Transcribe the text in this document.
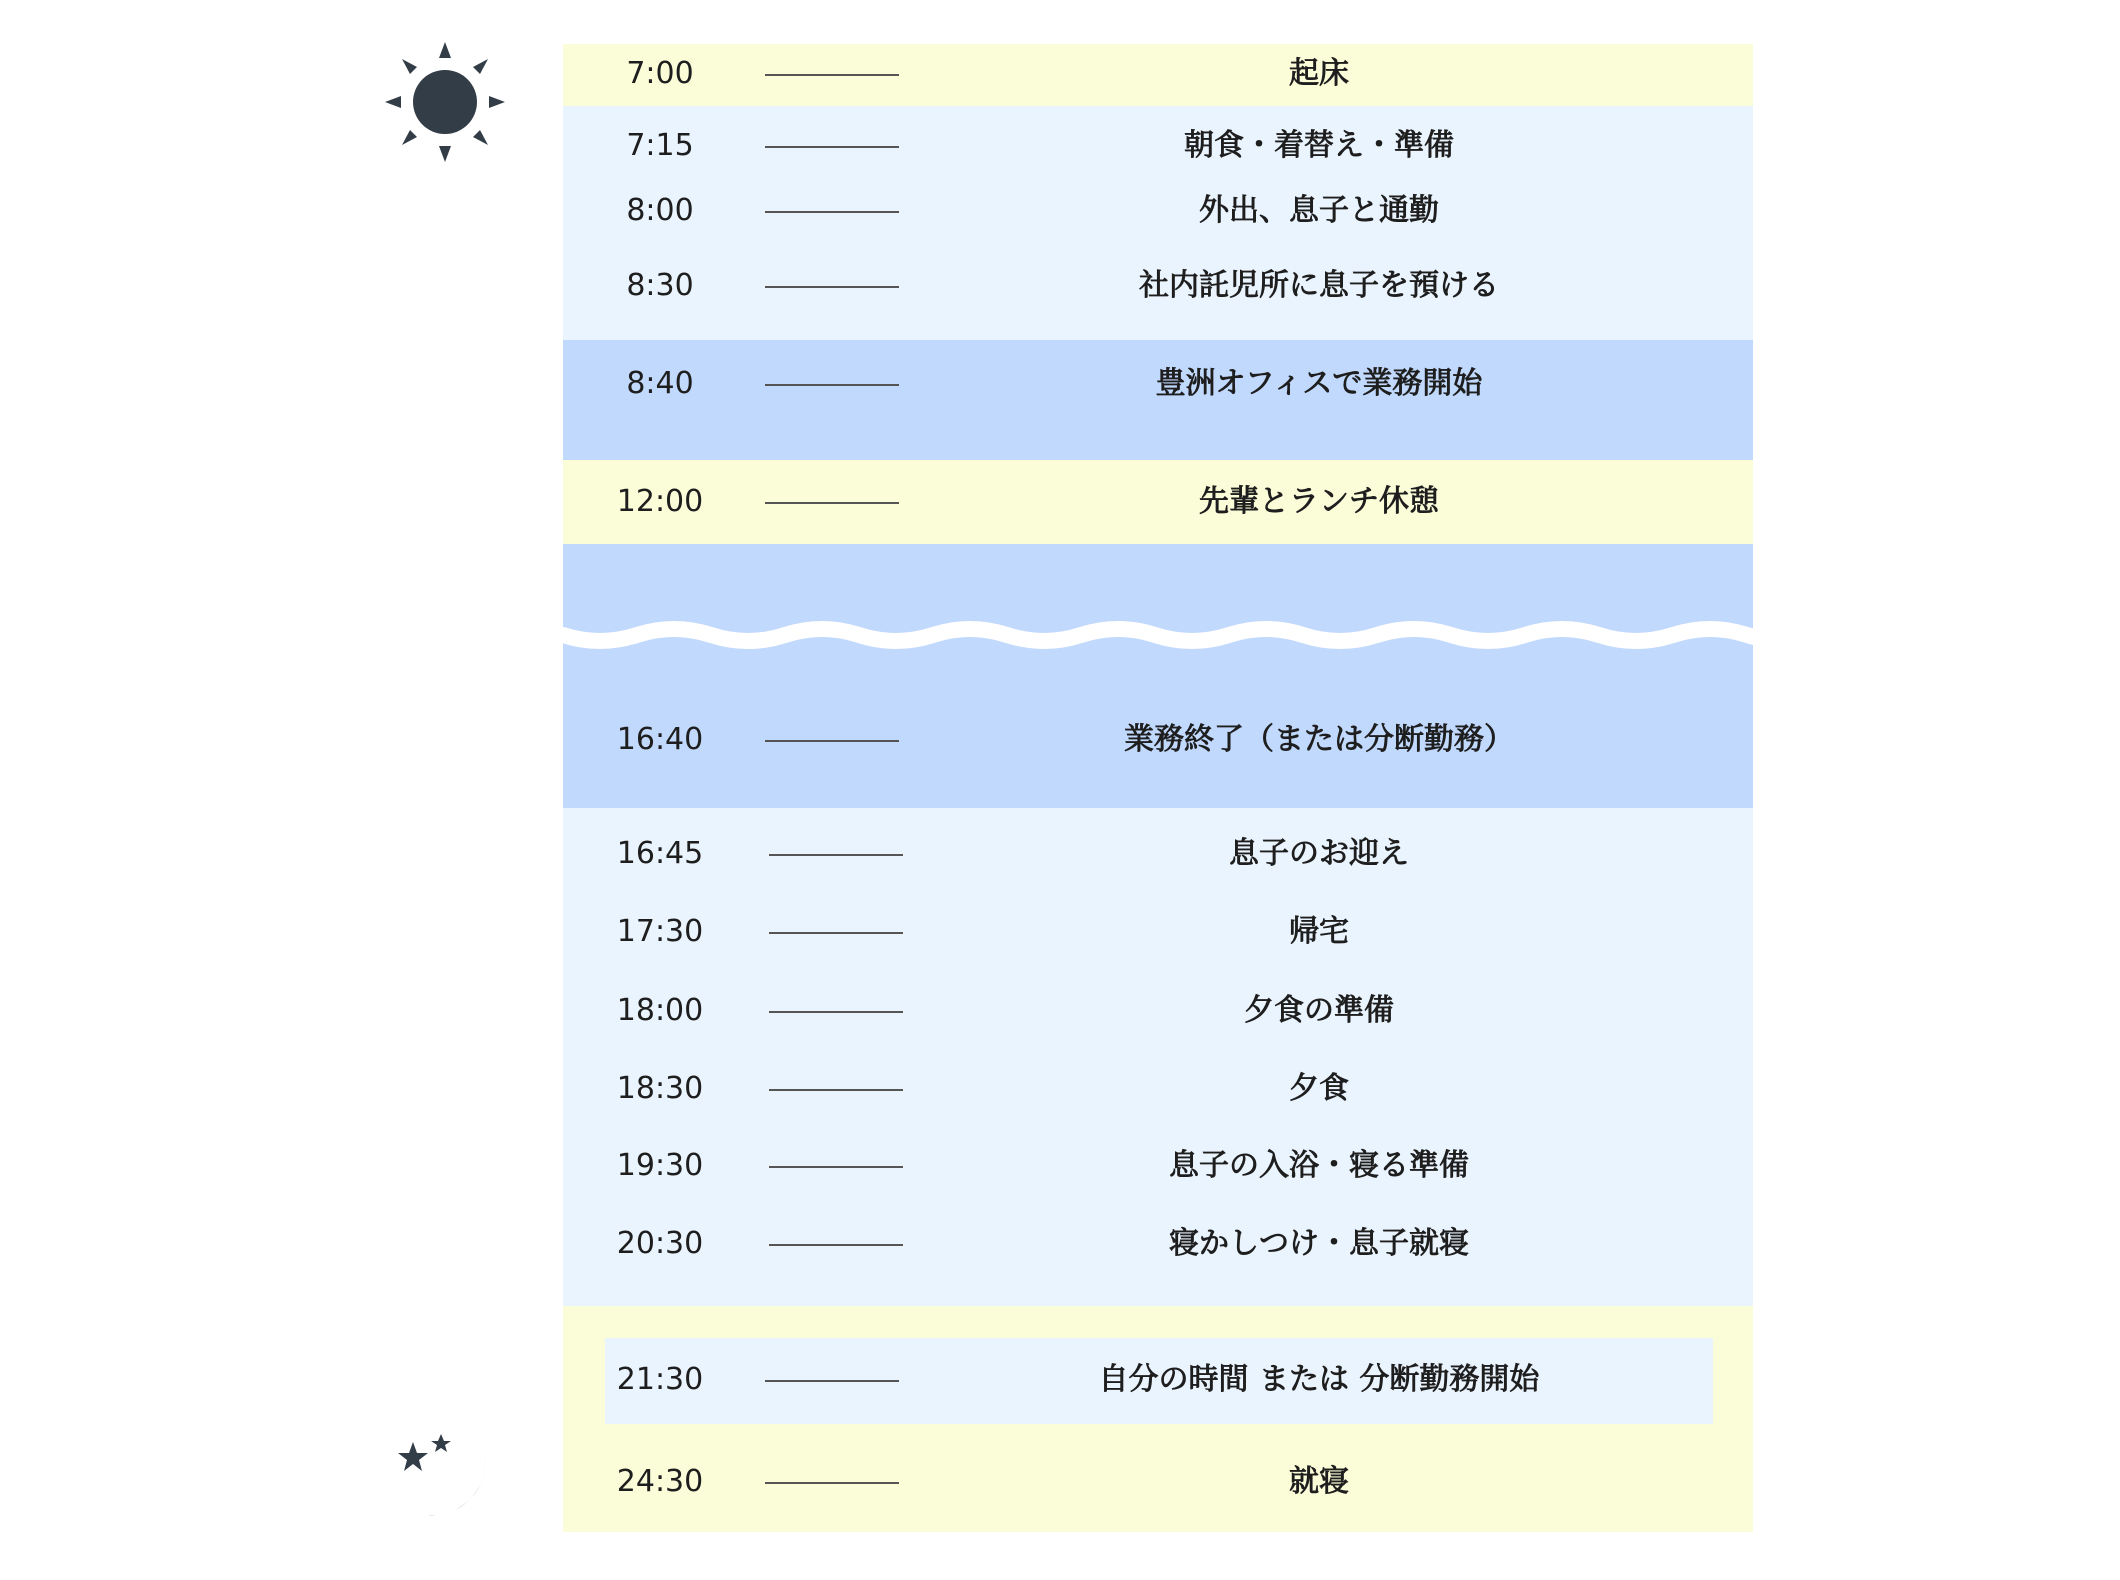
7:00	起床
7:15	朝食・着替え・準備
8:00	外出、息子と通勤
8:30	社内託児所に息子を預ける
8:40	豊洲オフィスで業務開始
12:00	先輩とランチ休憩
16:40	業務終了（または分断勤務）
16:45	息子のお迎え
17:30	帰宅
18:00	夕食の準備
18:30	夕食
19:30	息子の入浴・寝る準備
20:30	寝かしつけ・息子就寝
21:30	自分の時間 または 分断勤務開始
24:30	就寝
